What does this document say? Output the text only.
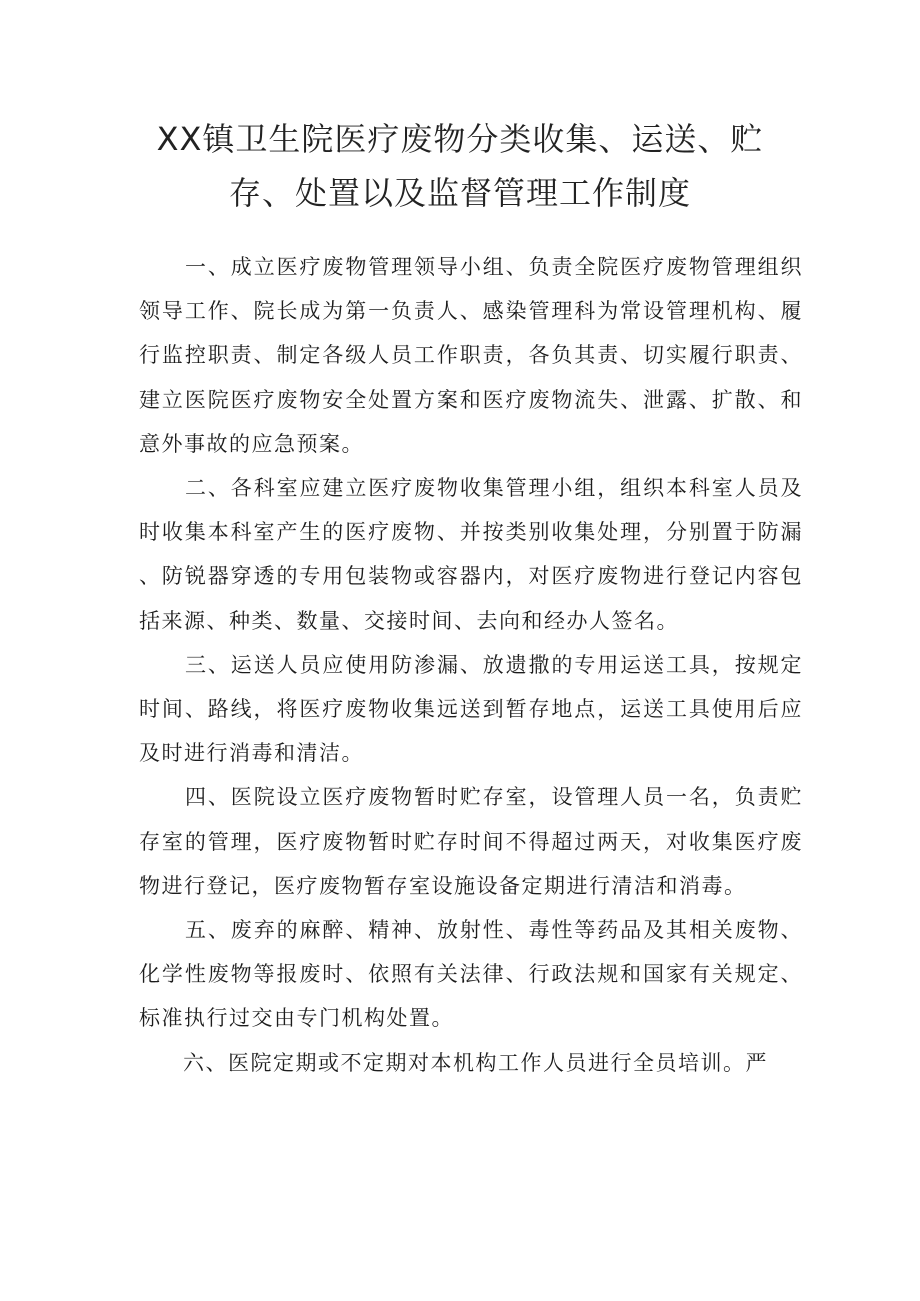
XX镇卫生院医疗废物分类收集、运送、贮
存、处置以及监督管理工作制度

一、成立医疗废物管理领导小组、负责全院医疗废物管理组织领导工作、院长成为第一负责人、感染管理科为常设管理机构、履行监控职责、制定各级人员工作职责，各负其责、切实履行职责、建立医院医疗废物安全处置方案和医疗废物流失、泄露、扩散、和意外事故的应急预案。

二、各科室应建立医疗废物收集管理小组，组织本科室人员及时收集本科室产生的医疗废物、并按类别收集处理，分别置于防漏、防锐器穿透的专用包装物或容器内，对医疗废物进行登记内容包括来源、种类、数量、交接时间、去向和经办人签名。

三、运送人员应使用防渗漏、放遗撒的专用运送工具，按规定时间、路线，将医疗废物收集远送到暂存地点，运送工具使用后应及时进行消毒和清洁。

四、医院设立医疗废物暂时贮存室，设管理人员一名，负责贮存室的管理，医疗废物暂时贮存时间不得超过两天，对收集医疗废物进行登记，医疗废物暂存室设施设备定期进行清洁和消毒。

五、废弃的麻醉、精神、放射性、毒性等药品及其相关废物、化学性废物等报废时、依照有关法律、行政法规和国家有关规定、标准执行过交由专门机构处置。

六、医院定期或不定期对本机构工作人员进行全员培训。严
